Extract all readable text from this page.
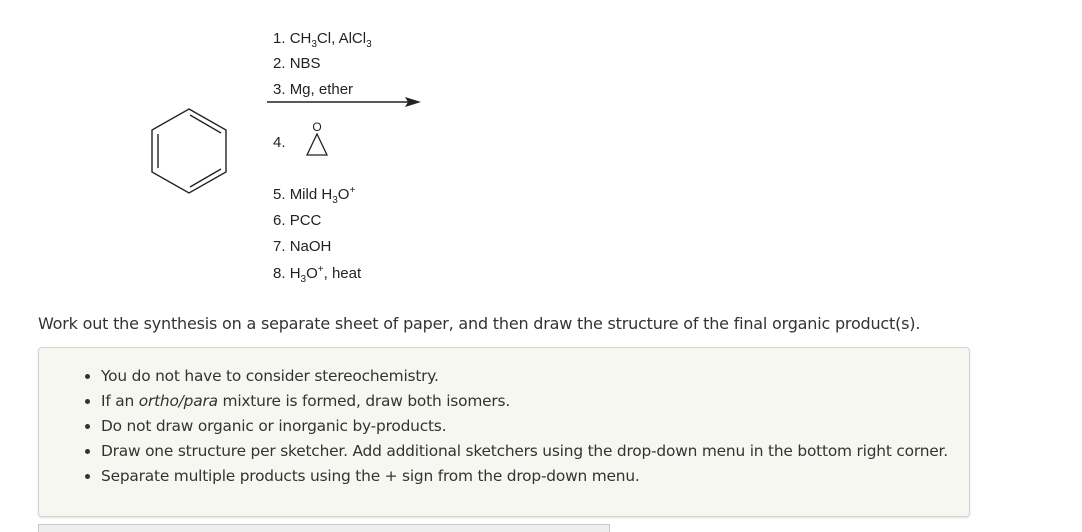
O
1. $CH_3Cl$, AlCl$_3$
2. NBS
3. Mg, ether
4.
5. Mild $H_3O^+$
6. PCC
7. NaOH
8. $H_3O^+$, heat
Work out the synthesis on a separate sheet of paper, and then draw the structure of the final organic product(s).
• You do not have to consider stereochemistry.
• If an ortho/para mixture is formed, draw both isomers.
• Do not draw organic or inorganic by-products.
• Draw one structure per sketcher. Add additional sketchers using the drop-down menu in the bottom right corner.
• Separate multiple products using the + sign from the drop-down menu.
